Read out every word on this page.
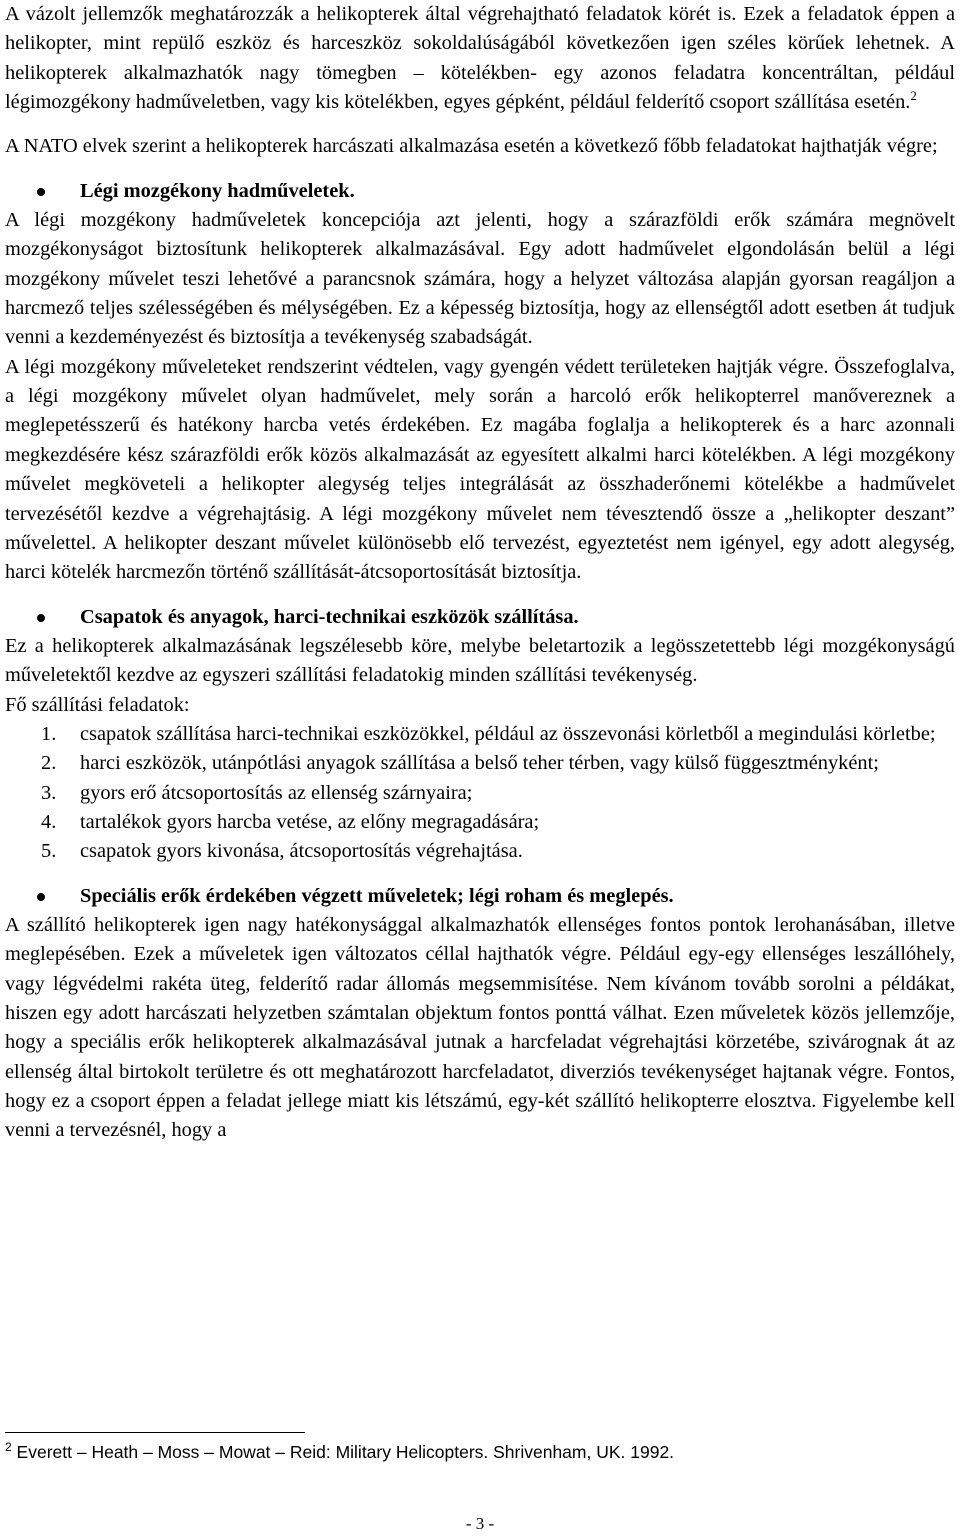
A vázolt jellemzők meghatározzák a helikopterek által végrehajtható feladatok körét is. Ezek a feladatok éppen a helikopter, mint repülő eszköz és harceszköz sokoldalúságából következően igen széles körűek lehetnek. A helikopterek alkalmazhatók nagy tömegben – kötelékben- egy azonos feladatra koncentráltan, például légimozgékony hadműveletben, vagy kis kötelékben, egyes gépként, például felderítő csoport szállítása esetén.$^2$

A NATO elvek szerint a helikopterek harcászati alkalmazása esetén a következő főbb feladatokat hajthatják végre;

Légi mozgékony hadműveletek.

A légi mozgékony hadműveletek koncepciója azt jelenti, hogy a szárazföldi erők számára megnövelt mozgékonyságot biztosítunk helikopterek alkalmazásával. Egy adott hadművelet elgondolásán belül a légi mozgékony művelet teszi lehetővé a parancsnok számára, hogy a helyzet változása alapján gyorsan reagáljon a harcmező teljes szélességében és mélységében. Ez a képesség biztosítja, hogy az ellenségtől adott esetben át tudjuk venni a kezdeményezést és biztosítja a tevékenység szabadságát.

A légi mozgékony műveleteket rendszerint védtelen, vagy gyengén védett területeken hajtják végre. Összefoglalva, a légi mozgékony művelet olyan hadművelet, mely során a harcoló erők helikopterrel manővereznek a meglepetésszerű és hatékony harcba vetés érdekében. Ez magába foglalja a helikopterek és a harc azonnali megkezdésére kész szárazföldi erők közös alkalmazását az egyesített alkalmi harci kötelékben. A légi mozgékony művelet megköveteli a helikopter alegység teljes integrálását az összhaderőnemi kötelékbe a hadművelet tervezésétől kezdve a végrehajtásig. A légi mozgékony művelet nem tévesztendő össze a „helikopter deszant” művelettel. A helikopter deszant művelet különösebb elő tervezést, egyeztetést nem igényel, egy adott alegység, harci kötelék harcmezőn történő szállítását-átcsoportosítását biztosítja.

Csapatok és anyagok, harci-technikai eszközök szállítása.

Ez a helikopterek alkalmazásának legszélesebb köre, melybe beletartozik a legösszetettebb légi mozgékonyságú műveletektől kezdve az egyszeri szállítási feladatokig minden szállítási tevékenység.

Fő szállítási feladatok:

1.	csapatok szállítása harci-technikai eszközökkel, például az összevonási körletből a megindulási körletbe;
2.	harci eszközök, utánpótlási anyagok szállítása a belső teher térben, vagy külső függesztményként;
3.	gyors erő átcsoportosítás az ellenség szárnyaira;
4.	tartalékok gyors harcba vetése, az előny megragadására;
5.	csapatok gyors kivonása, átcsoportosítás végrehajtása.
Speciális erők érdekében végzett műveletek; légi roham és meglepés.

A szállító helikopterek igen nagy hatékonysággal alkalmazhatók ellenséges fontos pontok lerohanásában, illetve meglepésében. Ezek a műveletek igen változatos céllal hajthatók végre. Például egy-egy ellenséges leszállóhely, vagy légvédelmi rakéta üteg, felderítő radar állomás megsemmisítése. Nem kívánom tovább sorolni a példákat, hiszen egy adott harcászati helyzetben számtalan objektum fontos ponttá válhat. Ezen műveletek közös jellemzője, hogy a speciális erők helikopterek alkalmazásával jutnak a harcfeladat végrehajtási körzetébe, szivárognak át az ellenség által birtokolt területre és ott meghatározott harcfeladatot, diverziós tevékenységet hajtanak végre. Fontos, hogy ez a csoport éppen a feladat jellege miatt kis létszámú, egy-két szállító helikopterre elosztva. Figyelembe kell venni a tervezésnél, hogy a

$^2$ Everett – Heath – Moss – Mowat – Reid: Military Helicopters. Shrivenham, UK. 1992.
- 3 -
